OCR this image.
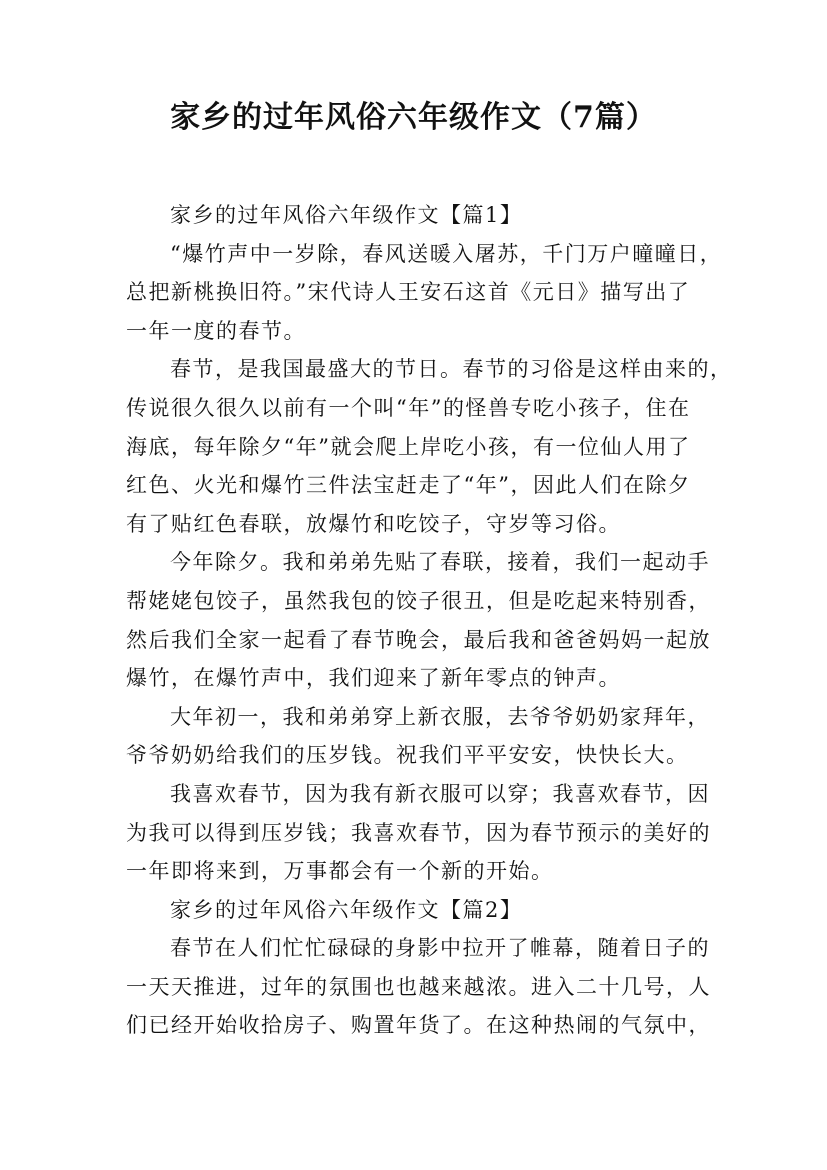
家乡的过年风俗六年级作文（7篇）
家乡的过年风俗六年级作文【篇1】
“爆竹声中一岁除，春风送暖入屠苏，千门万户曈曈日，
总把新桃换旧符。”宋代诗人王安石这首《元日》描写出了
一年一度的春节。
春节，是我国最盛大的节日。春节的习俗是这样由来的，
传说很久很久以前有一个叫“年”的怪兽专吃小孩子，住在
海底，每年除夕“年”就会爬上岸吃小孩，有一位仙人用了
红色、火光和爆竹三件法宝赶走了“年”，因此人们在除夕
有了贴红色春联，放爆竹和吃饺子，守岁等习俗。
今年除夕。我和弟弟先贴了春联，接着，我们一起动手
帮姥姥包饺子，虽然我包的饺子很丑，但是吃起来特别香，
然后我们全家一起看了春节晚会，最后我和爸爸妈妈一起放
爆竹，在爆竹声中，我们迎来了新年零点的钟声。
大年初一，我和弟弟穿上新衣服，去爷爷奶奶家拜年，
爷爷奶奶给我们的压岁钱。祝我们平平安安，快快长大。
我喜欢春节，因为我有新衣服可以穿；我喜欢春节，因
为我可以得到压岁钱；我喜欢春节，因为春节预示的美好的
一年即将来到，万事都会有一个新的开始。
家乡的过年风俗六年级作文【篇2】
春节在人们忙忙碌碌的身影中拉开了帷幕，随着日子的
一天天推进，过年的氛围也也越来越浓。进入二十几号，人
们已经开始收拾房子、购置年货了。在这种热闹的气氛中，
